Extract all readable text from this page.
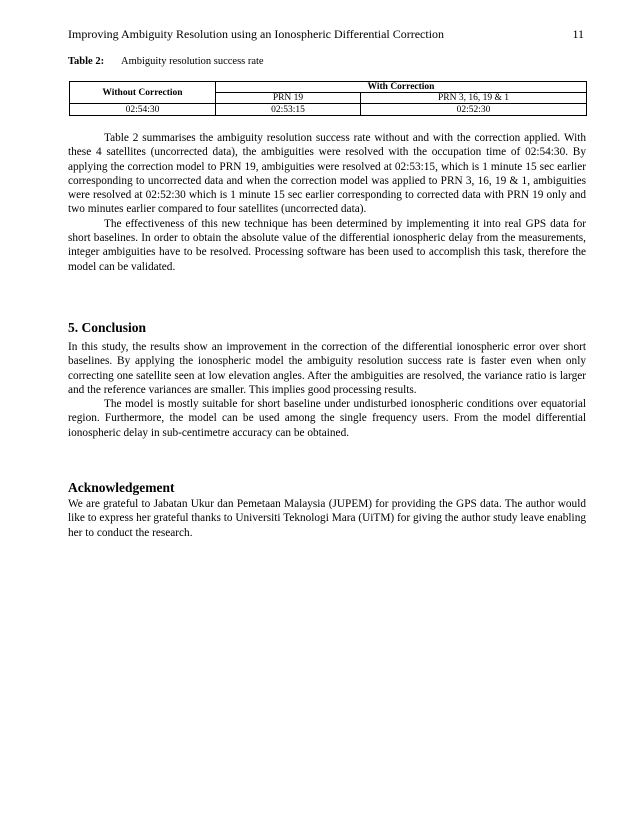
Improving Ambiguity Resolution using an Ionospheric Differential Correction	11
Table 2: Ambiguity resolution success rate
Without Correction	With Correction	
	PRN 19	PRN 3, 16, 19 & 1
02:54:30	02:53:15	02:52:30

Table 2 summarises the ambiguity resolution success rate without and with the correction applied. With these 4 satellites (uncorrected data), the ambiguities were resolved with the occupation time of 02:54:30. By applying the correction model to PRN 19, ambiguities were resolved at 02:53:15, which is 1 minute 15 sec earlier corresponding to uncorrected data and when the correction model was applied to PRN 3, 16, 19 & 1, ambiguities were resolved at 02:52:30 which is 1 minute 15 sec earlier corresponding to corrected data with PRN 19 only and two minutes earlier compared to four satellites (uncorrected data).

The effectiveness of this new technique has been determined by implementing it into real GPS data for short baselines. In order to obtain the absolute value of the differential ionospheric delay from the measurements, integer ambiguities have to be resolved. Processing software has been used to accomplish this task, therefore the model can be validated.

5. Conclusion

In this study, the results show an improvement in the correction of the differential ionospheric error over short baselines. By applying the ionospheric model the ambiguity resolution success rate is faster even when only correcting one satellite seen at low elevation angles. After the ambiguities are resolved, the variance ratio is larger and the reference variances are smaller. This implies good processing results.

The model is mostly suitable for short baseline under undisturbed ionospheric conditions over equatorial region. Furthermore, the model can be used among the single frequency users. From the model differential ionospheric delay in sub-centimetre accuracy can be obtained.

Acknowledgement

We are grateful to Jabatan Ukur dan Pemetaan Malaysia (JUPEM) for providing the GPS data. The author would like to express her grateful thanks to Universiti Teknologi Mara (UiTM) for giving the author study leave enabling her to conduct the research.
